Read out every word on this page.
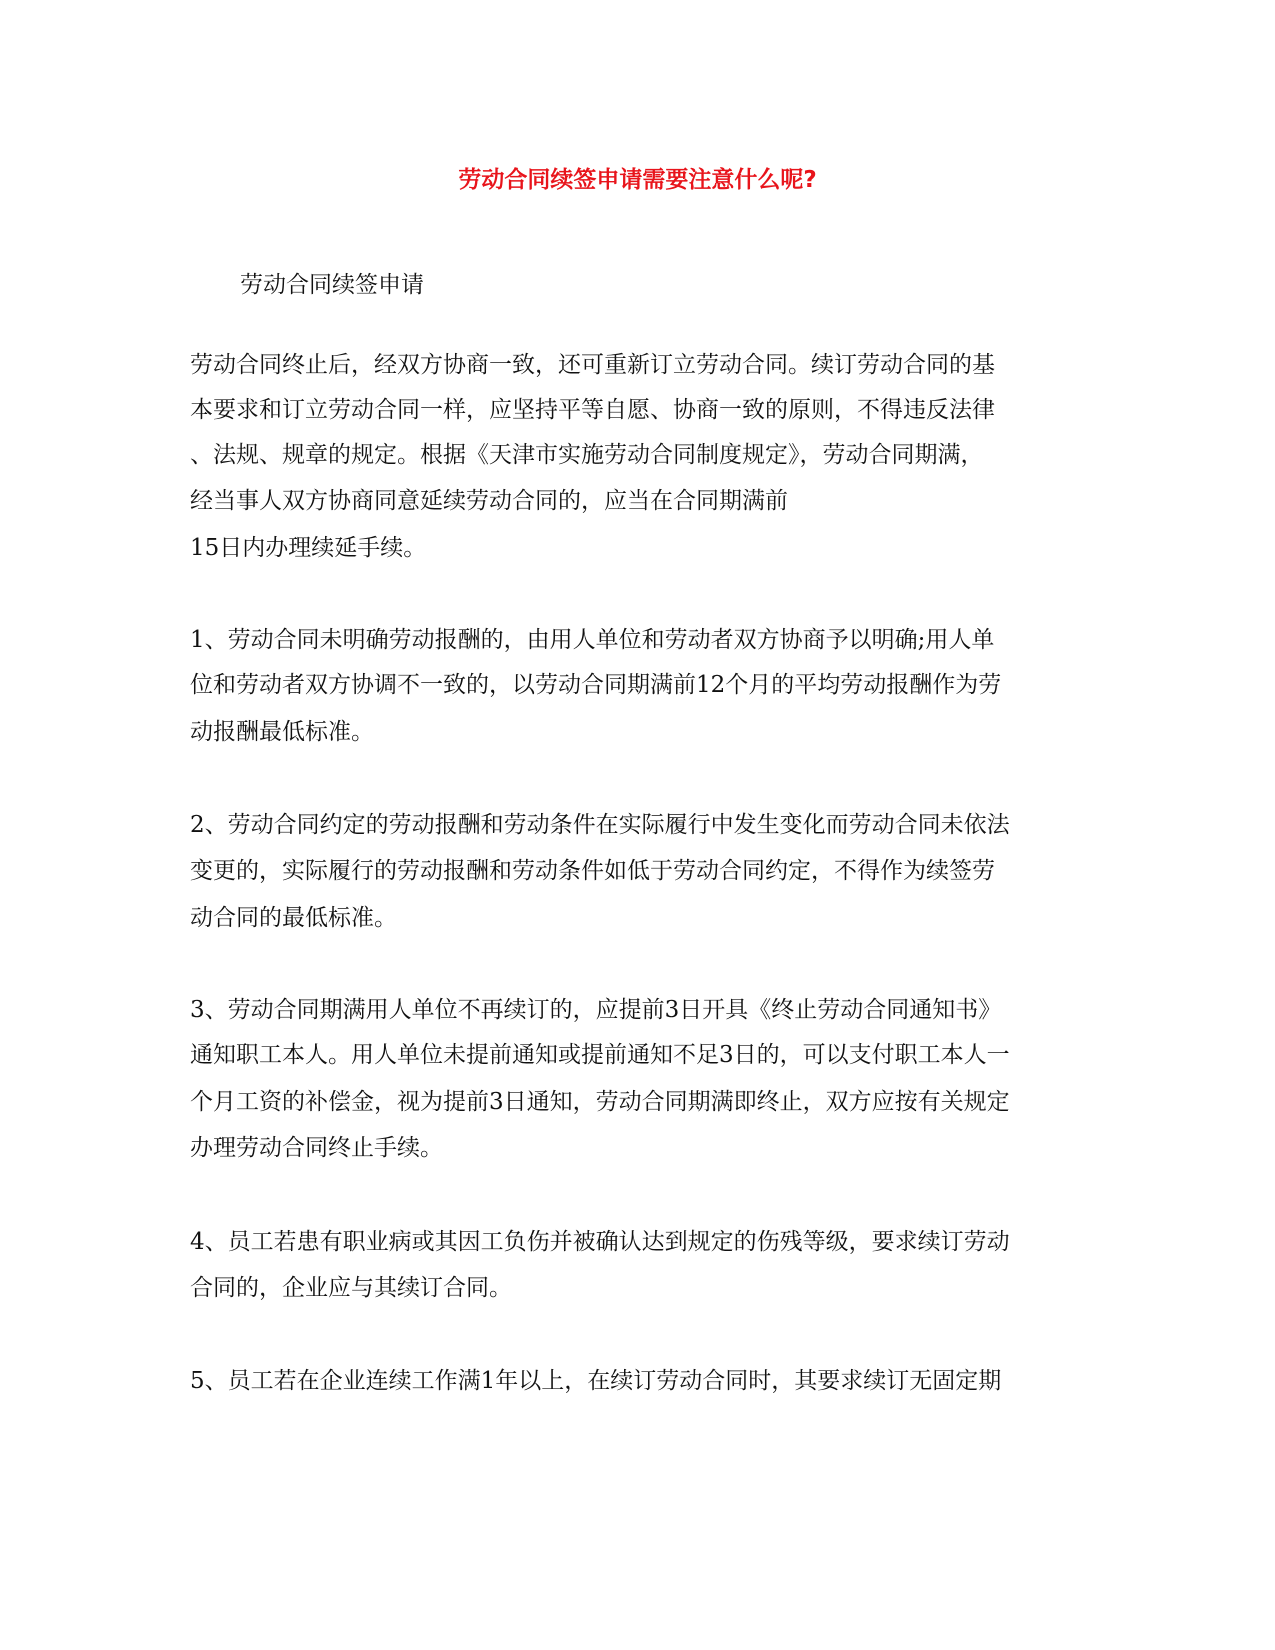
劳动合同续签申请需要注意什么呢?

劳动合同续签申请

劳动合同终止后，经双方协商一致，还可重新订立劳动合同。续订劳动合同的基

本要求和订立劳动合同一样，应坚持平等自愿、协商一致的原则，不得违反法律

、法规、规章的规定。根据《天津市实施劳动合同制度规定》，劳动合同期满，

经当事人双方协商同意延续劳动合同的，应当在合同期满前

15日内办理续延手续。

1、劳动合同未明确劳动报酬的，由用人单位和劳动者双方协商予以明确;用人单

位和劳动者双方协调不一致的，以劳动合同期满前12个月的平均劳动报酬作为劳

动报酬最低标准。

2、劳动合同约定的劳动报酬和劳动条件在实际履行中发生变化而劳动合同未依法

变更的，实际履行的劳动报酬和劳动条件如低于劳动合同约定，不得作为续签劳

动合同的最低标准。

3、劳动合同期满用人单位不再续订的，应提前3日开具《终止劳动合同通知书》

通知职工本人。用人单位未提前通知或提前通知不足3日的，可以支付职工本人一

个月工资的补偿金，视为提前3日通知，劳动合同期满即终止，双方应按有关规定

办理劳动合同终止手续。

4、员工若患有职业病或其因工负伤并被确认达到规定的伤残等级，要求续订劳动

合同的，企业应与其续订合同。

5、员工若在企业连续工作满1年以上，在续订劳动合同时，其要求续订无固定期
